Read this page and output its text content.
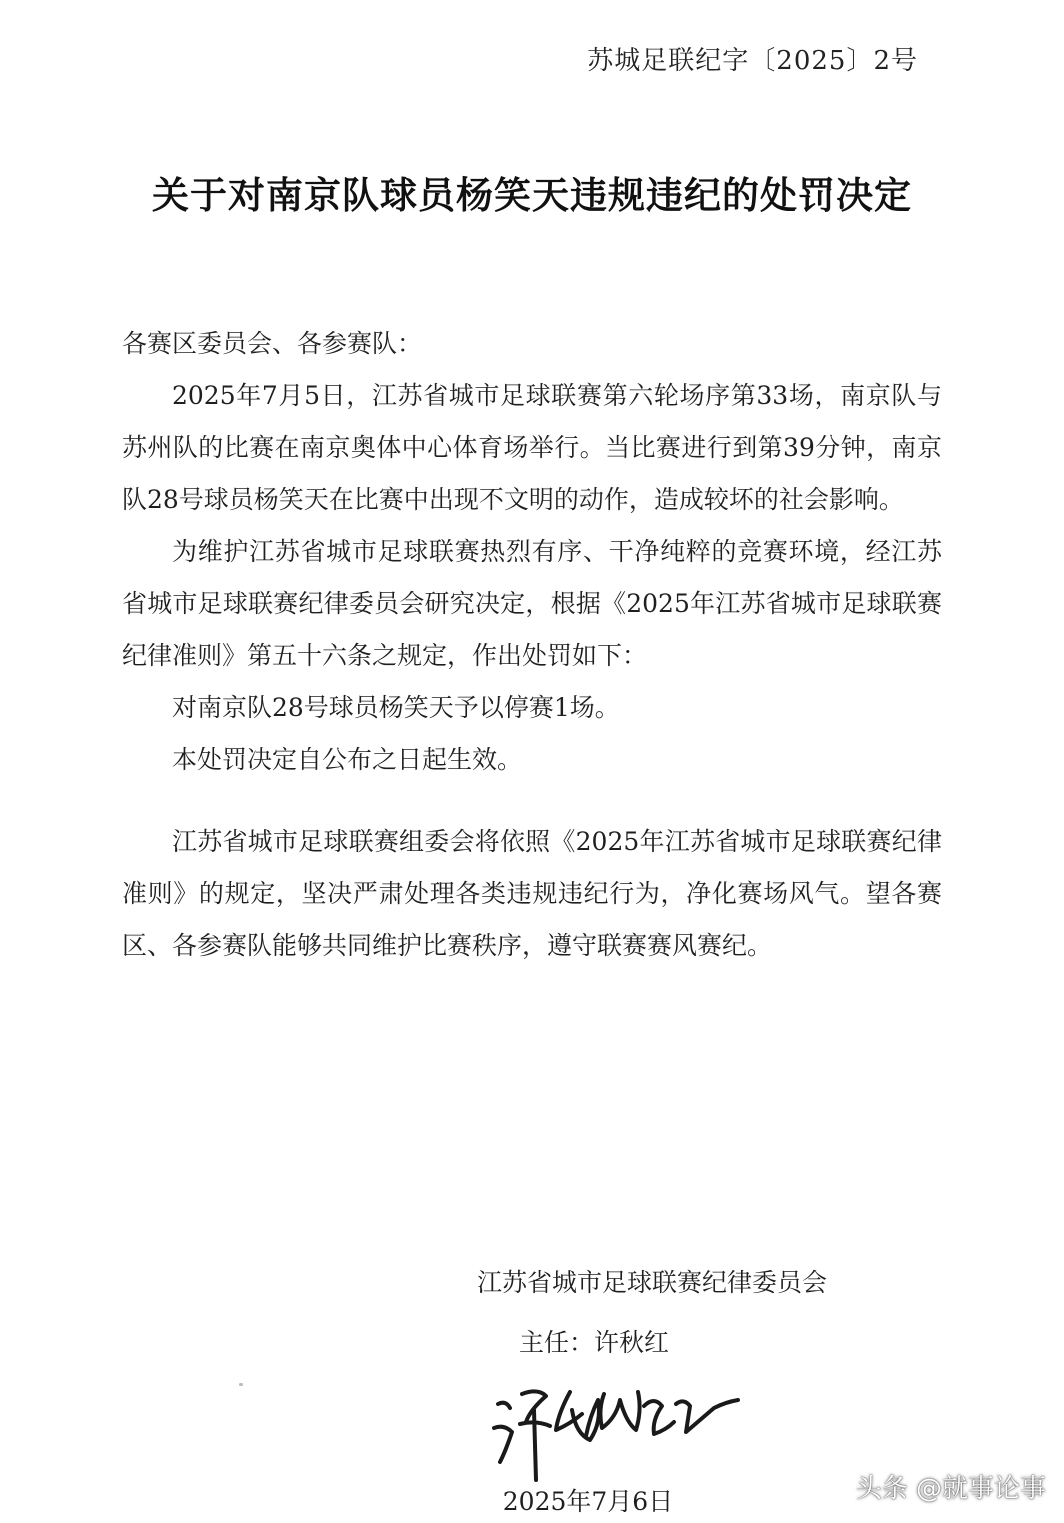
苏城足联纪字〔2025〕2号
关于对南京队球员杨笑天违规违纪的处罚决定

各赛区委员会、各参赛队：

2025年7月5日，江苏省城市足球联赛第六轮场序第33场，南京队与苏州队的比赛在南京奥体中心体育场举行。当比赛进行到第39分钟，南京队28号球员杨笑天在比赛中出现不文明的动作，造成较坏的社会影响。

为维护江苏省城市足球联赛热烈有序、干净纯粹的竞赛环境，经江苏省城市足球联赛纪律委员会研究决定，根据《2025年江苏省城市足球联赛纪律准则》第五十六条之规定，作出处罚如下：

对南京队28号球员杨笑天予以停赛1场。

本处罚决定自公布之日起生效。

江苏省城市足球联赛组委会将依照《2025年江苏省城市足球联赛纪律准则》的规定，坚决严肃处理各类违规违纪行为，净化赛场风气。望各赛区、各参赛队能够共同维护比赛秩序，遵守联赛赛风赛纪。

江苏省城市足球联赛纪律委员会
主任：许秋红
2025年7月6日	头条 @就事论事
